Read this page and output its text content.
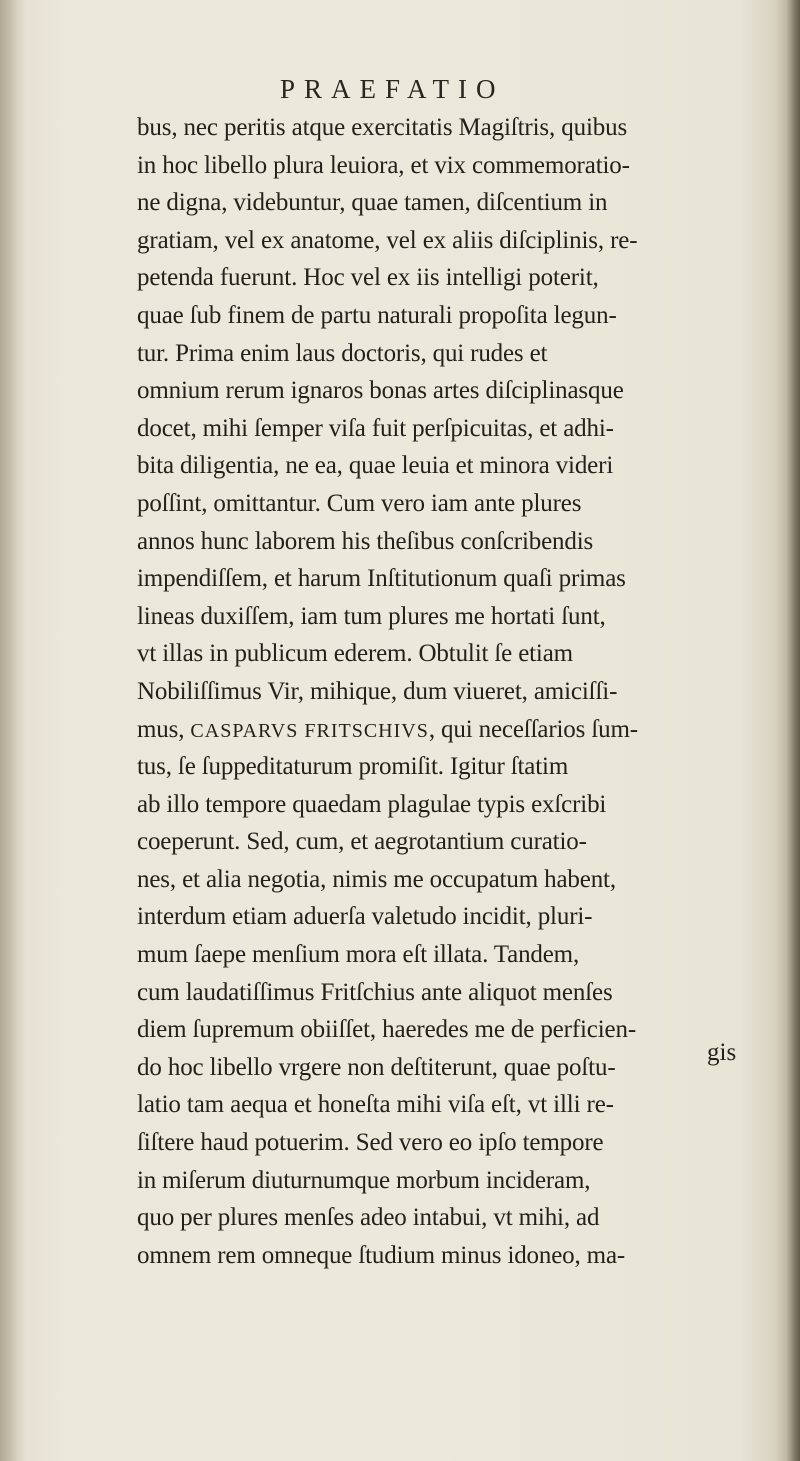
PRAEFATIO
bus, nec peritis atque exercitatis Magiſtris, quibus
in hoc libello plura leuiora, et vix commemoratio-
ne digna, videbuntur, quae tamen, diſcentium in
gratiam, vel ex anatome, vel ex aliis diſciplinis, re-
petenda fuerunt. Hoc vel ex iis intelligi poterit,
quae ſub finem de partu naturali propoſita legun-
tur. Prima enim laus doctoris, qui rudes et
omnium rerum ignaros bonas artes diſciplinasque
docet, mihi ſemper viſa fuit perſpicuitas, et adhi-
bita diligentia, ne ea, quae leuia et minora videri
poſſint, omittantur. Cum vero iam ante plures
annos hunc laborem his theſibus conſcribendis
impendiſſem, et harum Inſtitutionum quaſi primas
lineas duxiſſem, iam tum plures me hortati ſunt,
vt illas in publicum ederem. Obtulit ſe etiam
Nobiliſſimus Vir, mihique, dum viueret, amiciſſi-
mus, CASPARVS FRITSCHIVS, qui neceſſarios ſum-
tus, ſe ſuppeditaturum promiſit. Igitur ſtatim
ab illo tempore quaedam plagulae typis exſcribi
coeperunt. Sed, cum, et aegrotantium curatio-
nes, et alia negotia, nimis me occupatum habent,
interdum etiam aduerſa valetudo incidit, pluri-
mum ſaepe menſium mora eſt illata. Tandem,
cum laudatiſſimus Fritſchius ante aliquot menſes
diem ſupremum obiiſſet, haeredes me de perficien-
do hoc libello vrgere non deſtiterunt, quae poſtu-
latio tam aequa et honeſta mihi viſa eſt, vt illi re-
ſiſtere haud potuerim. Sed vero eo ipſo tempore
in miſerum diuturnumque morbum incideram,
quo per plures menſes adeo intabui, vt mihi, ad
omnem rem omneque ſtudium minus idoneo, ma-
gis
